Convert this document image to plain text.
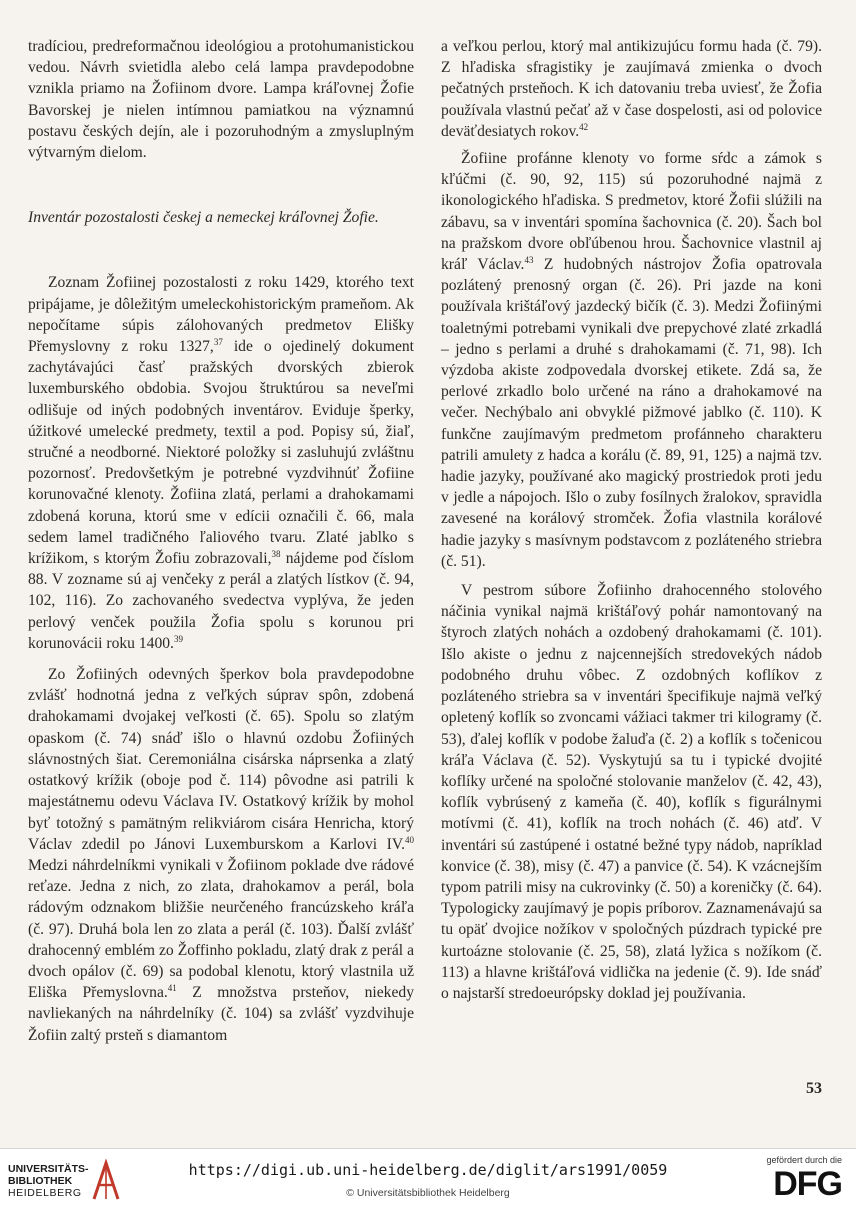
tradíciou, predreformačnou ideológiou a protohumanistickou vedou. Návrh svietidla alebo celá lampa pravdepodobne vznikla priamo na Žofiinom dvore. Lampa kráľovnej Žofie Bavorskej je nielen intímnou pamiatkou na významnú postavu českých dejín, ale i pozoruhodným a zmysluplným výtvarným dielom.

Inventár pozostalosti českej a nemeckej kráľovnej Žofie.

Zoznam Žofiinej pozostalosti z roku 1429, ktorého text pripájame, je dôležitým umeleckohistorickým prameňom. Ak nepočítame súpis zálohovaných predmetov Elišky Přemyslovny z roku 1327,37 ide o ojedinelý dokument zachytávajúci časť pražských dvorských zbierok luxemburského obdobia. Svojou štruktúrou sa neveľmi odlišuje od iných podobných inventárov. Eviduje šperky, úžitkové umelecké predmety, textil a pod. Popisy sú, žiaľ, stručné a neodborné. Niektoré položky si zasluhujú zvláštnu pozornosť. Predovšetkým je potrebné vyzdvihnúť Žofiine korunovačné klenoty. Žofiina zlatá, perlami a drahokamami zdobená koruna, ktorú sme v edícii označili č. 66, mala sedem lamel tradičného ľaliového tvaru. Zlaté jablko s krížikom, s ktorým Žofiu zobrazovali,$^{38}$ nájdeme pod číslom 88. V zozname sú aj venčeky z perál a zlatých lístkov (č. 94, 102, 116). Zo zachovaného svedectva vyplýva, že jeden perlový venček použila Žofia spolu s korunou pri korunovácii roku 1400.39

Zo Žofiiných odevných šperkov bola pravdepodobne zvlášť hodnotná jedna z veľkých súprav spôn, zdobená drahokamami dvojakej veľkosti (č. 65). Spolu so zlatým opaskom (č. 74) snáď išlo o hlavnú ozdobu Žofiiných slávnostných šiat. Ceremoniálna cisárska náprsenka a zlatý ostatkový krížik (oboje pod č. 114) pôvodne asi patrili k majestátnemu odevu Václava IV. Ostatkový krížik by mohol byť totožný s pamätným relikviárom cisára Henricha, ktorý Václav zdedil po Jánovi Luxemburskom a Karlovi IV.$^{40}$ Medzi náhrdelníkmi vynikali v Žofiinom poklade dve rádové reťaze. Jedna z nich, zo zlata, drahokamov a perál, bola rádovým odznakom bližšie neurčeného francúzskeho kráľa (č. 97). Druhá bola len zo zlata a perál (č. 103). Ďalší zvlášť drahocenný emblém zo Žoffinho pokladu, zlatý drak z perál a dvoch opálov (č. 69) sa podobal klenotu, ktorý vlastnila už Eliška Přemyslovna.$^{41}$ Z množstva prsteňov, niekedy navliekaných na náhrdelníky (č. 104) sa zvlášť vyzdvihuje Žofiin zaltý prsteň s diamantom

a veľkou perlou, ktorý mal antikizujúcu formu hada (č. 79). Z hľadiska sfragistiky je zaujímavá zmienka o dvoch pečatných prsteňoch. K ich datovaniu treba uviesť, že Žofia používala vlastnú pečať až v čase dospelosti, asi od polovice deväťdesiatych rokov.$^{42}$

Žofiine profánne klenoty vo forme sŕdc a zámok s kľúčmi (č. 90, 92, 115) sú pozoruhodné najmä z ikonologického hľadiska. S predmetov, ktoré Žofii slúžili na zábavu, sa v inventári spomína šachovnica (č. 20). Šach bol na pražskom dvore obľúbenou hrou. Šachovnice vlastnil aj kráľ Václav.$^{43}$ Z hudobných nástrojov Žofia opatrovala pozlátený prenosný organ (č. 26). Pri jazde na koni používala krištáľový jazdecký bičík (č. 3). Medzi Žofiinými toaletnými potrebami vynikali dve prepychové zlaté zrkadlá – jedno s perlami a druhé s drahokamami (č. 71, 98). Ich výzdoba akiste zodpovedala dvorskej etikete. Zdá sa, že perlové zrkadlo bolo určené na ráno a drahokamové na večer. Nechýbalo ani obvyklé pižmové jablko (č. 110). K funkčne zaujímavým predmetom profánneho charakteru patrili amulety z hadca a korálu (č. 89, 91, 125) a najmä tzv. hadie jazyky, používané ako magický prostriedok proti jedu v jedle a nápojoch. Išlo o zuby fosílnych žralokov, spravidla zavesené na korálový stromček. Žofia vlastnila korálové hadie jazyky s masívnym podstavcom z pozláteného striebra (č. 51).

V pestrom súbore Žofiinho drahocenného stolového náčinia vynikal najmä krištáľový pohár namontovaný na štyroch zlatých nohách a ozdobený drahokamami (č. 101). Išlo akiste o jednu z najcennejších stredovekých nádob podobného druhu vôbec. Z ozdobných koflíkov z pozláteného striebra sa v inventári špecifikuje najmä veľký opletený koflík so zvoncami vážiaci takmer tri kilogramy (č. 53), ďalej koflík v podobe žaluďa (č. 2) a koflík s točenicou kráľa Václava (č. 52). Vyskytujú sa tu i typické dvojité koflíky určené na spoločné stolovanie manželov (č. 42, 43), koflík vybrúsený z kameňa (č. 40), koflík s figurálnymi motívmi (č. 41), koflík na troch nohách (č. 46) atď. V inventári sú zastúpené i ostatné bežné typy nádob, napríklad konvice (č. 38), misy (č. 47) a panvice (č. 54). K vzácnejším typom patrili misy na cukrovinky (č. 50) a koreničky (č. 64). Typologicky zaujímavý je popis príborov. Zaznamenávajú sa tu opäť dvojice nožíkov v spoločných púzdrach typické pre kurtoázne stolovanie (č. 25, 58), zlatá lyžica s nožíkom (č. 113) a hlavne krištáľová vidlička na jedenie (č. 9). Ide snáď o najstarší stredoeurópsky doklad jej používania.

53
UNIVERSITÄTS-
BIBLIOTHEK
HEIDELBERG
https://digi.ub.uni-heidelberg.de/diglit/ars1991/0059
© Universitätsbibliothek Heidelberg
gefördert durch die
DFG
